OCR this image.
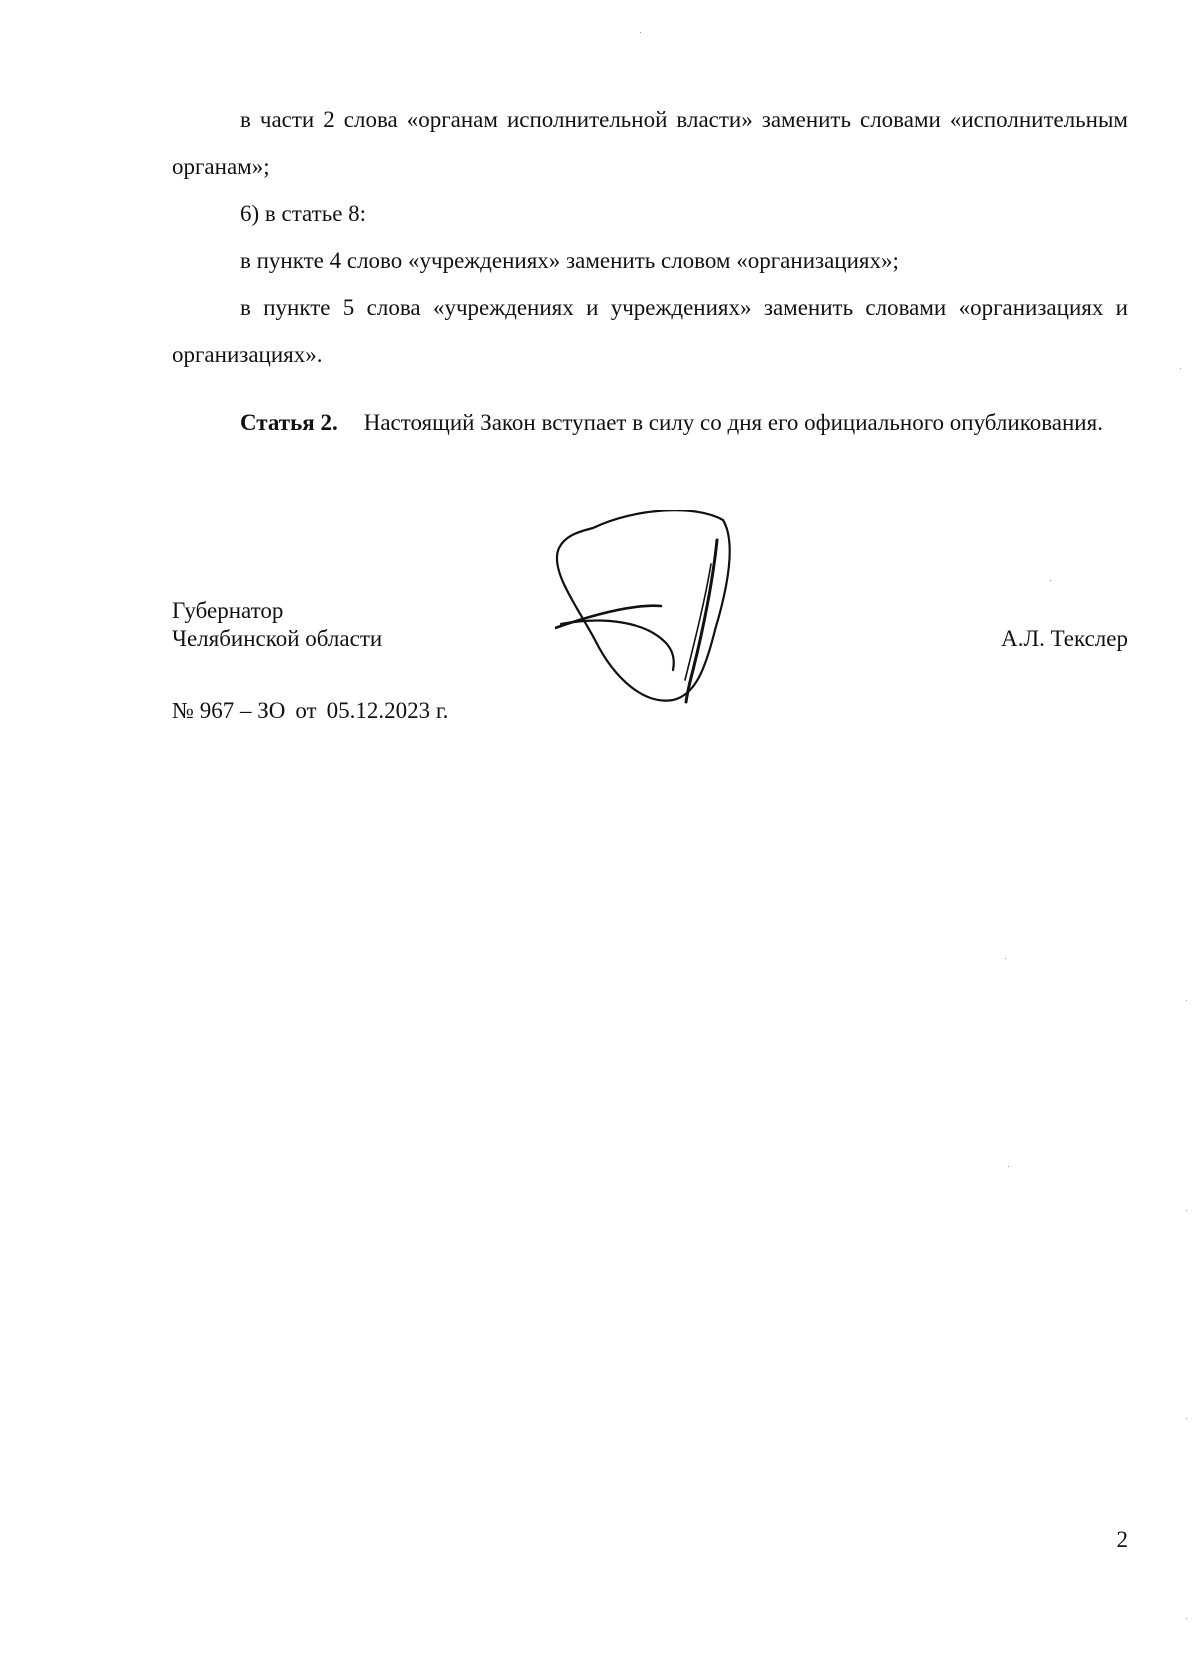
в части 2 слова «органам исполнительной власти» заменить словами «исполнительным органам»;

6) в статье 8:

в пункте 4 слово «учреждениях» заменить словом «организациях»;

в пункте 5 слова «учреждениях и учреждениях» заменить словами «организациях и организациях».

Статья 2. Настоящий Закон вступает в силу со дня его официального опубликования.

Губернатор
Челябинской области	А.Л. Текслер
№ 967 – ЗО от 05.12.2023 г.
2
